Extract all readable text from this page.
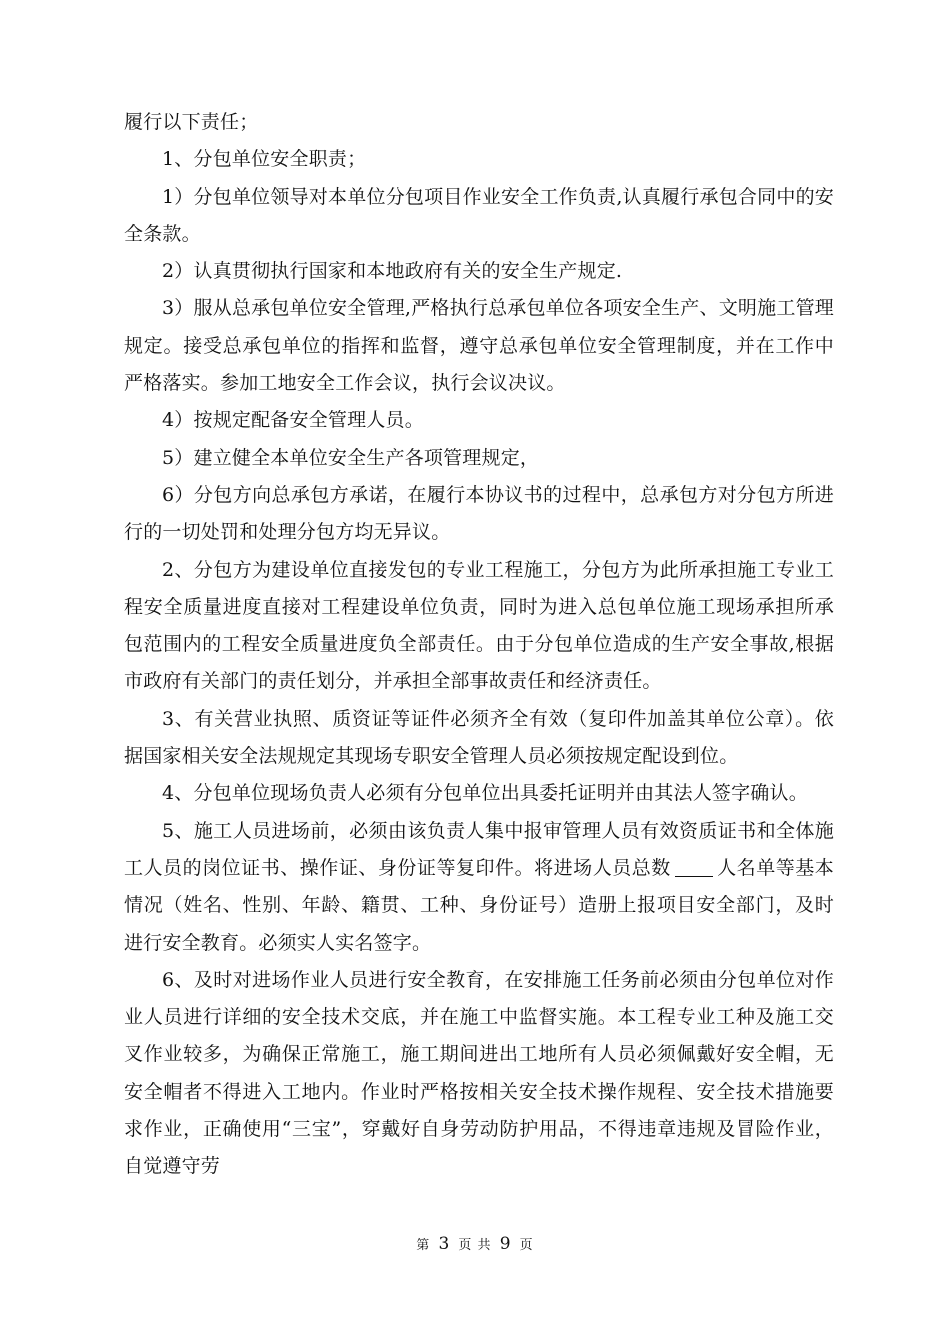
履行以下责任；

1、分包单位安全职责；

1）分包单位领导对本单位分包项目作业安全工作负责,认真履行承包合同中的安全条款。

2）认真贯彻执行国家和本地政府有关的安全生产规定.

3）服从总承包单位安全管理,严格执行总承包单位各项安全生产、文明施工管理规定。接受总承包单位的指挥和监督，遵守总承包单位安全管理制度，并在工作中严格落实。参加工地安全工作会议，执行会议决议。

4）按规定配备安全管理人员。

5）建立健全本单位安全生产各项管理规定，

6）分包方向总承包方承诺，在履行本协议书的过程中，总承包方对分包方所进行的一切处罚和处理分包方均无异议。

2、分包方为建设单位直接发包的专业工程施工，分包方为此所承担施工专业工程安全质量进度直接对工程建设单位负责，同时为进入总包单位施工现场承担所承包范围内的工程安全质量进度负全部责任。由于分包单位造成的生产安全事故,根据市政府有关部门的责任划分，并承担全部事故责任和经济责任。

3、有关营业执照、质资证等证件必须齐全有效（复印件加盖其单位公章）。依据国家相关安全法规规定其现场专职安全管理人员必须按规定配设到位。

4、分包单位现场负责人必须有分包单位出具委托证明并由其法人签字确认。

5、施工人员进场前，必须由该负责人集中报审管理人员有效资质证书和全体施工人员的岗位证书、操作证、身份证等复印件。将进场人员总数 人名单等基本情况（姓名、性别、年龄、籍贯、工种、身份证号）造册上报项目安全部门，及时进行安全教育。必须实人实名签字。

6、及时对进场作业人员进行安全教育，在安排施工任务前必须由分包单位对作业人员进行详细的安全技术交底，并在施工中监督实施。本工程专业工种及施工交叉作业较多，为确保正常施工，施工期间进出工地所有人员必须佩戴好安全帽，无安全帽者不得进入工地内。作业时严格按相关安全技术操作规程、安全技术措施要求作业，正确使用“三宝”，穿戴好自身劳动防护用品，不得违章违规及冒险作业，自觉遵守劳

第 3 页 共 9 页
